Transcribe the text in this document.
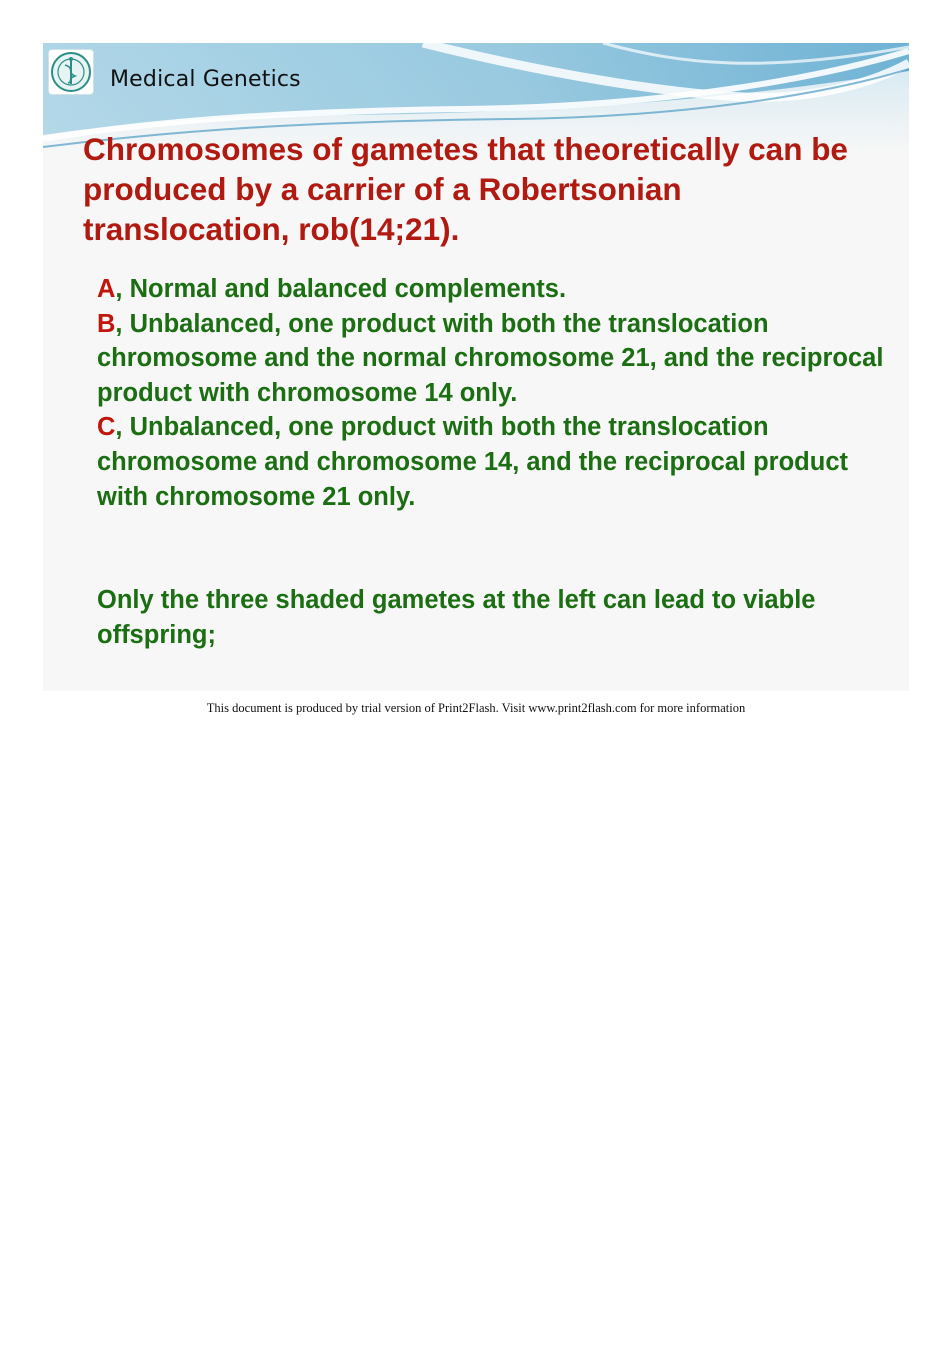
Medical Genetics
Chromosomes of gametes that theoretically can be produced by a carrier of a Robertsonian translocation, rob(14;21).
A, Normal and balanced complements.
B, Unbalanced, one product with both the translocation chromosome and the normal chromosome 21, and the reciprocal product with chromosome 14 only.
C, Unbalanced, one product with both the translocation chromosome and chromosome 14, and the reciprocal product with chromosome 21 only.

Only the three shaded gametes at the left can lead to viable offspring;

This document is produced by trial version of Print2Flash. Visit www.print2flash.com for more information
